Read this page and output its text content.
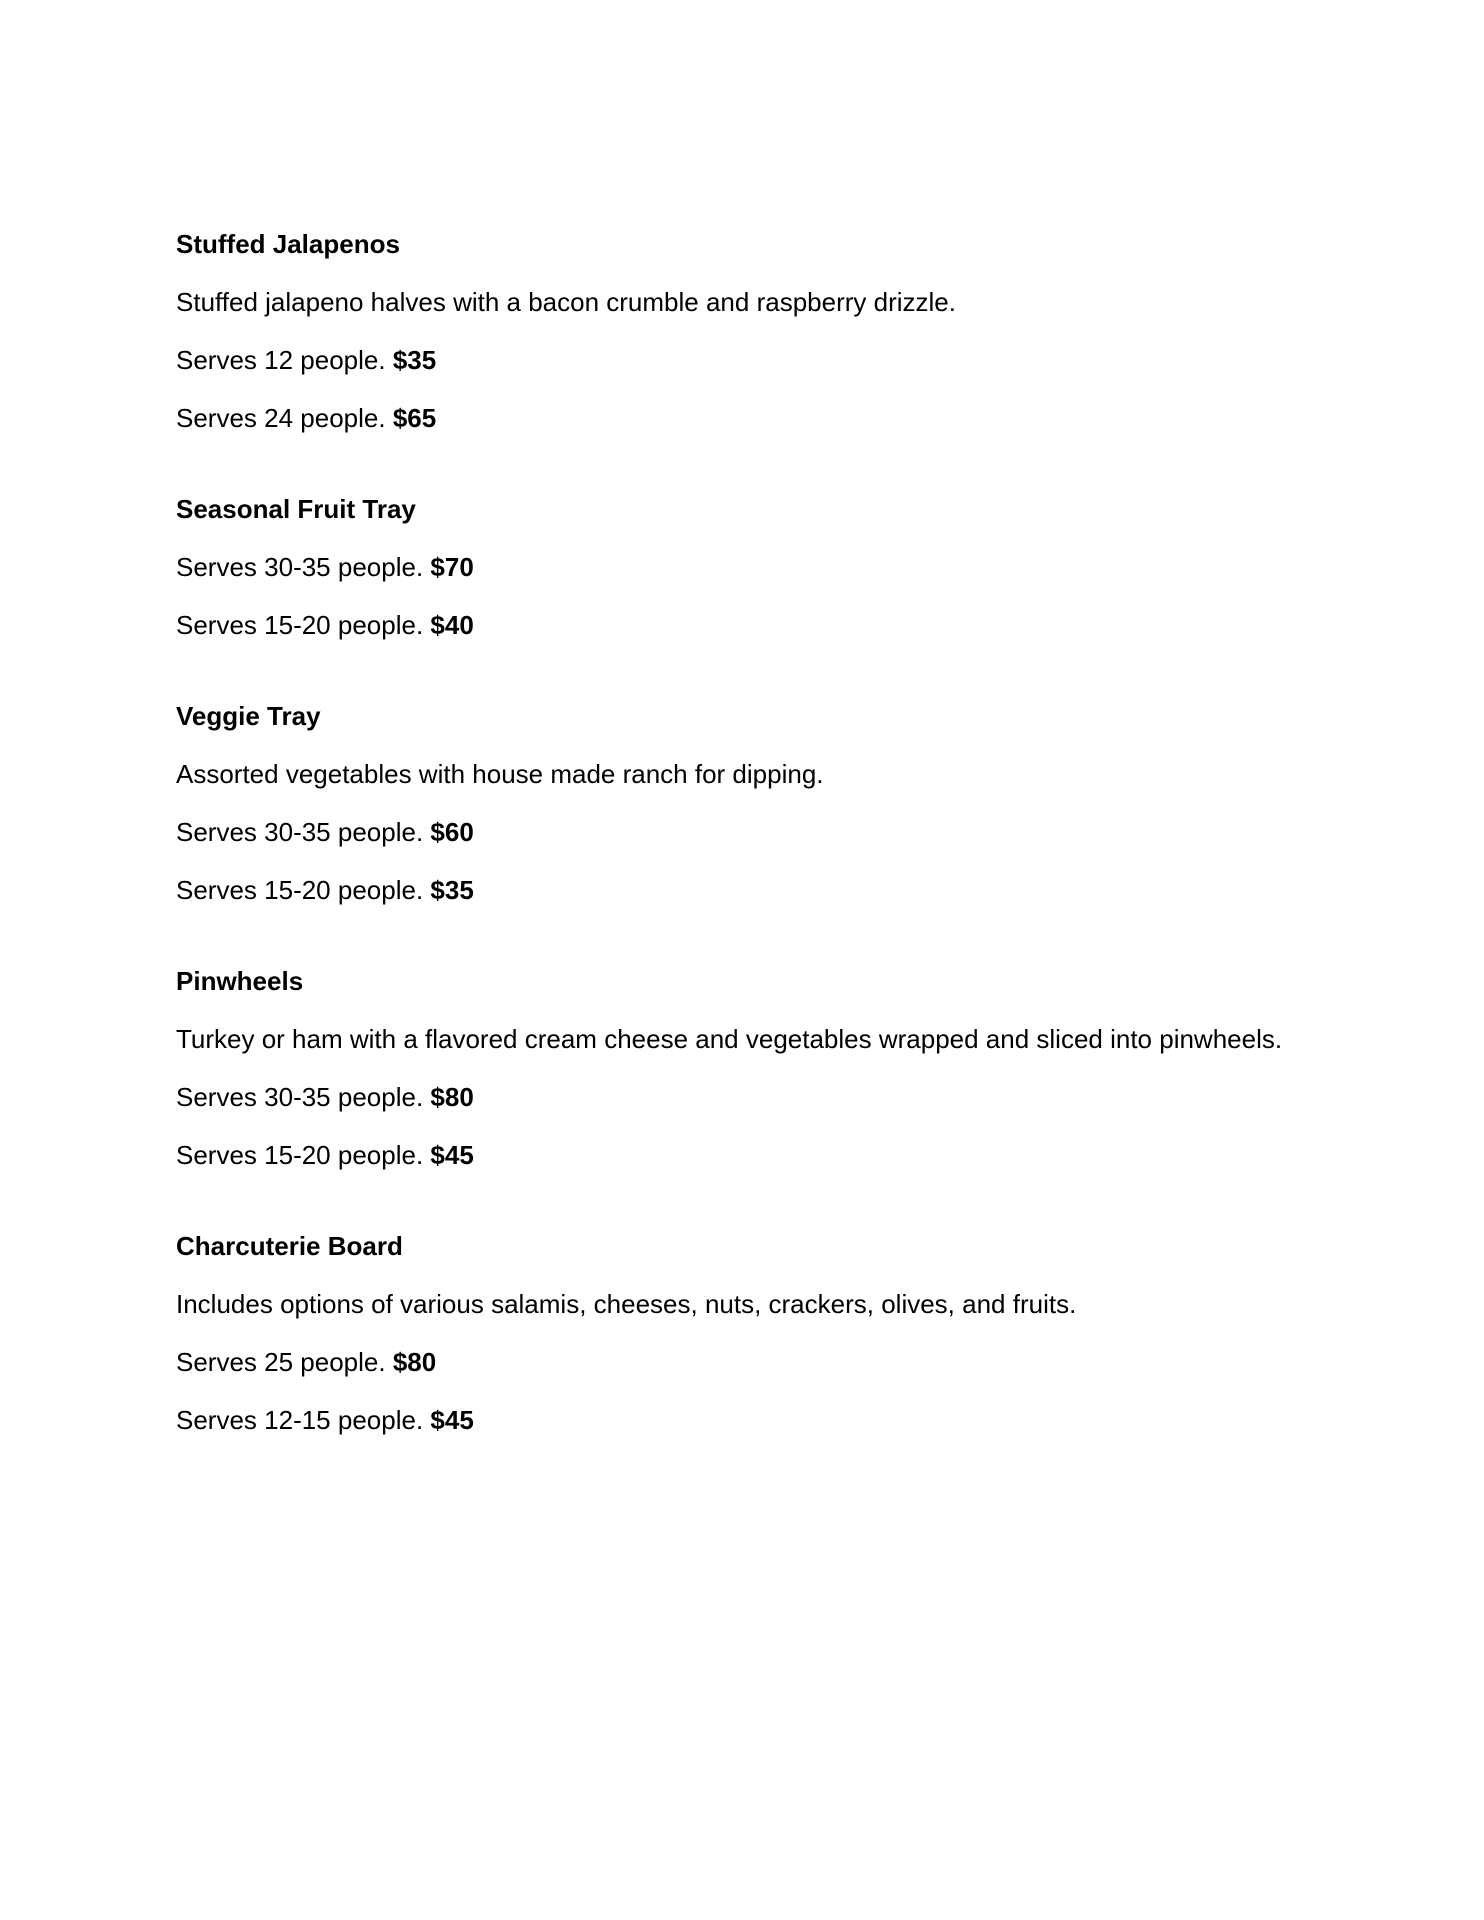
Stuffed Jalapenos

Stuffed jalapeno halves with a bacon crumble and raspberry drizzle.

Serves 12 people. $35

Serves 24 people. $65

Seasonal Fruit Tray

Serves 30-35 people. $70

Serves 15-20 people. $40

Veggie Tray

Assorted vegetables with house made ranch for dipping.

Serves 30-35 people. $60

Serves 15-20 people. $35

Pinwheels

Turkey or ham with a flavored cream cheese and vegetables wrapped and sliced into pinwheels.

Serves 30-35 people. $80

Serves 15-20 people. $45

Charcuterie Board

Includes options of various salamis, cheeses, nuts, crackers, olives, and fruits.

Serves 25 people. $80

Serves 12-15 people. $45
